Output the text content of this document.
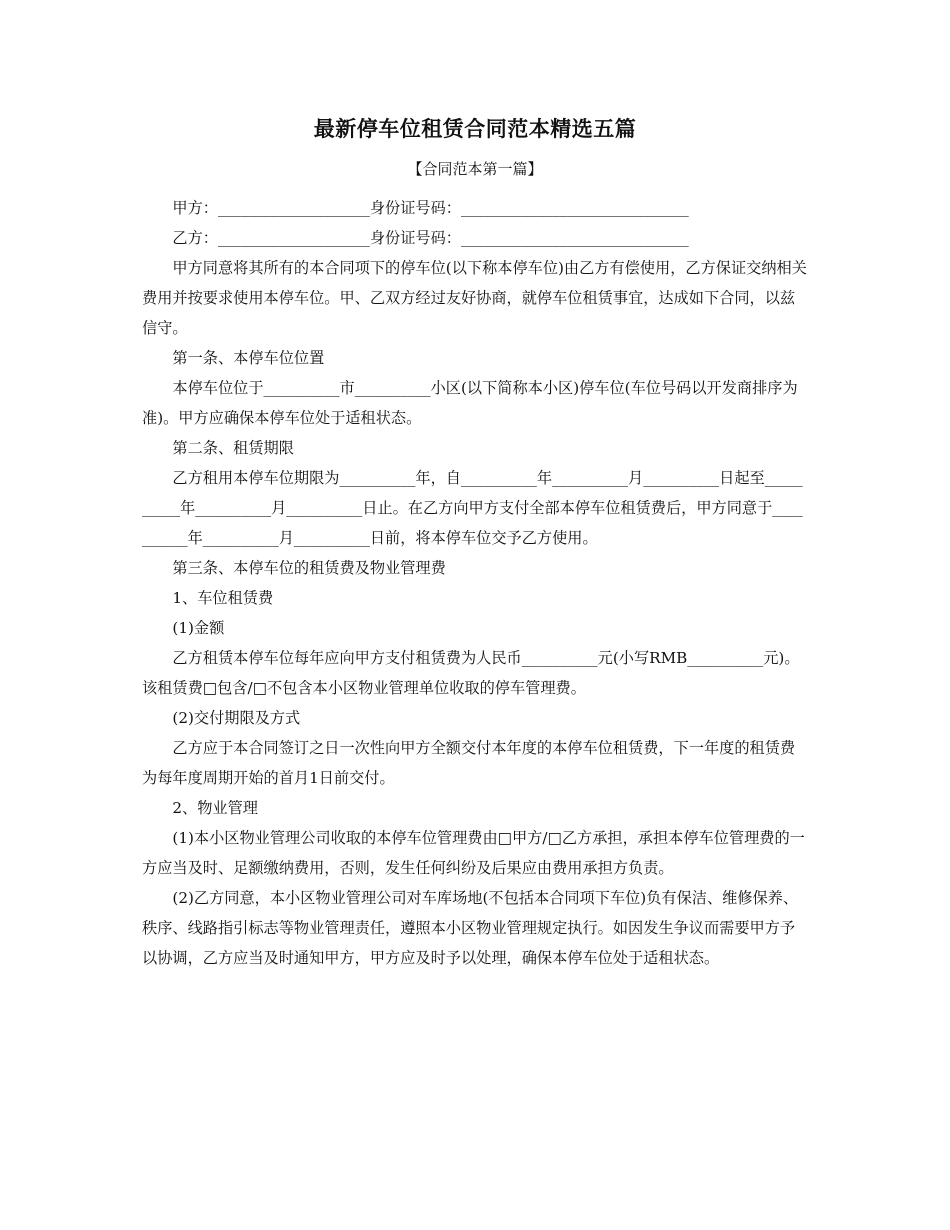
最新停车位租赁合同范本精选五篇
【合同范本第一篇】

甲方：____________________身份证号码：______________________________

乙方：____________________身份证号码：______________________________

甲方同意将其所有的本合同项下的停车位(以下称本停车位)由乙方有偿使用，乙方保证交纳相关费用并按要求使用本停车位。甲、乙双方经过友好协商，就停车位租赁事宜，达成如下合同，以兹信守。

第一条、本停车位位置

本停车位位于__________市__________小区(以下简称本小区)停车位(车位号码以开发商排序为准)。甲方应确保本停车位处于适租状态。

第二条、租赁期限

乙方租用本停车位期限为__________年，自__________年__________月__________日起至__________年__________月__________日止。在乙方向甲方支付全部本停车位租赁费后，甲方同意于__________年__________月__________日前，将本停车位交予乙方使用。

第三条、本停车位的租赁费及物业管理费

1、车位租赁费

(1)金额

乙方租赁本停车位每年应向甲方支付租赁费为人民币__________元(小写RMB__________元)。该租赁费□包含/□不包含本小区物业管理单位收取的停车管理费。

(2)交付期限及方式

乙方应于本合同签订之日一次性向甲方全额交付本年度的本停车位租赁费，下一年度的租赁费为每年度周期开始的首月1日前交付。

2、物业管理

(1)本小区物业管理公司收取的本停车位管理费由□甲方/□乙方承担，承担本停车位管理费的一方应当及时、足额缴纳费用，否则，发生任何纠纷及后果应由费用承担方负责。

(2)乙方同意，本小区物业管理公司对车库场地(不包括本合同项下车位)负有保洁、维修保养、秩序、线路指引标志等物业管理责任，遵照本小区物业管理规定执行。如因发生争议而需要甲方予以协调，乙方应当及时通知甲方，甲方应及时予以处理，确保本停车位处于适租状态。
